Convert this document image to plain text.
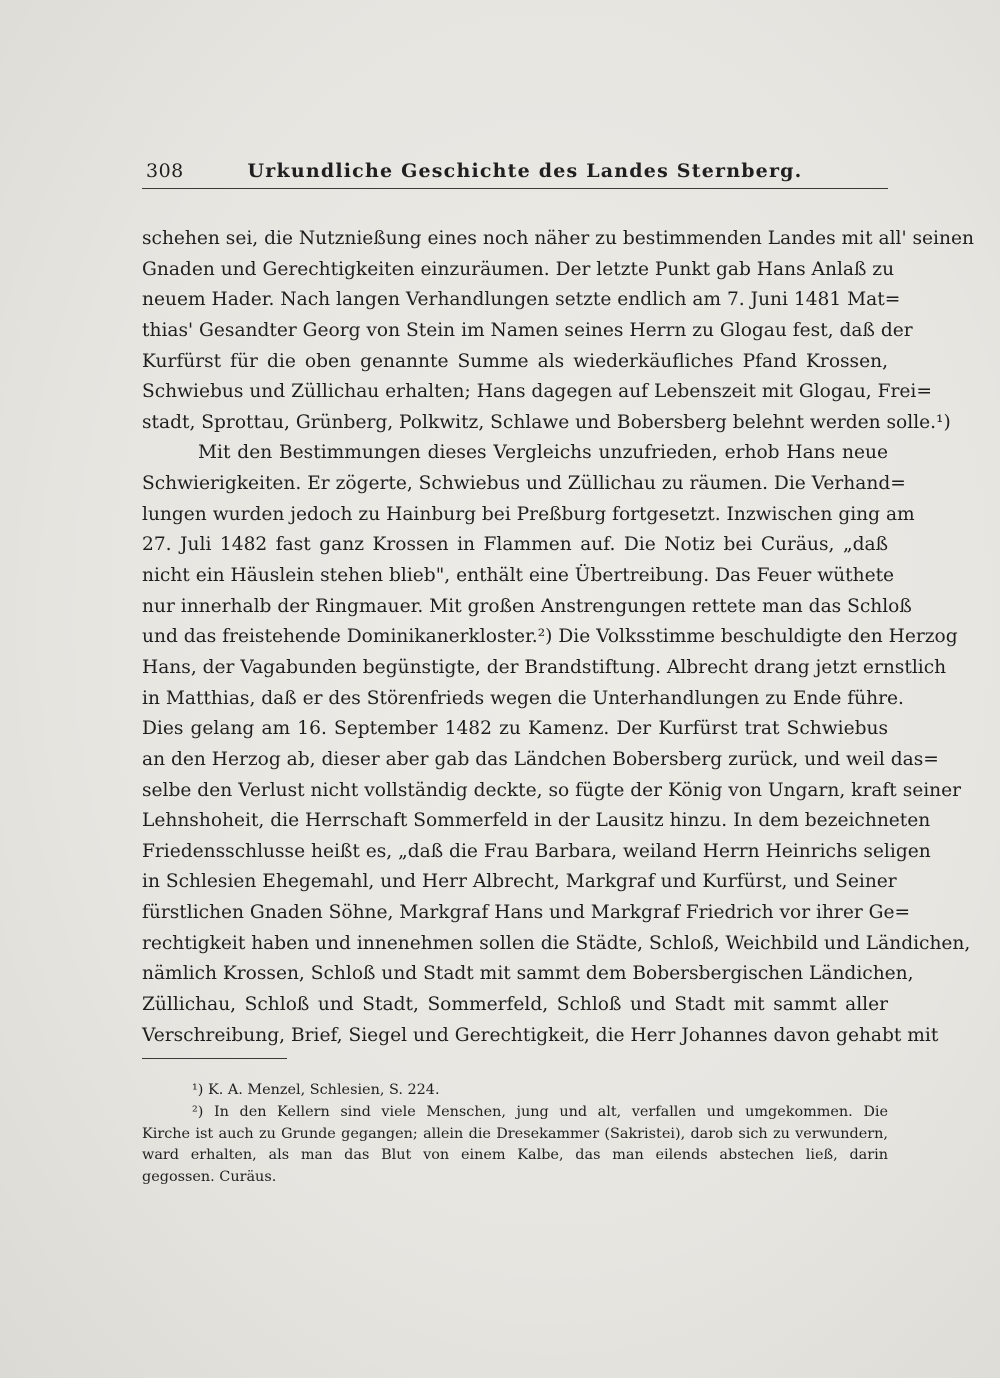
308	Urkundliche Geschichte des Landes Sternberg.
schehen sei, die Nutznießung eines noch näher zu bestimmenden Landes mit all' seinen
Gnaden und Gerechtigkeiten einzuräumen. Der letzte Punkt gab Hans Anlaß zu
neuem Hader. Nach langen Verhandlungen setzte endlich am 7. Juni 1481 Mat=
thias' Gesandter Georg von Stein im Namen seines Herrn zu Glogau fest, daß der
Kurfürst für die oben genannte Summe als wiederkäufliches Pfand Krossen,
Schwiebus und Züllichau erhalten; Hans dagegen auf Lebenszeit mit Glogau, Frei=
stadt, Sprottau, Grünberg, Polkwitz, Schlawe und Bobersberg belehnt werden solle.¹)
Mit den Bestimmungen dieses Vergleichs unzufrieden, erhob Hans neue
Schwierigkeiten. Er zögerte, Schwiebus und Züllichau zu räumen. Die Verhand=
lungen wurden jedoch zu Hainburg bei Preßburg fortgesetzt. Inzwischen ging am
27. Juli 1482 fast ganz Krossen in Flammen auf. Die Notiz bei Curäus, „daß
nicht ein Häuslein stehen blieb", enthält eine Übertreibung. Das Feuer wüthete
nur innerhalb der Ringmauer. Mit großen Anstrengungen rettete man das Schloß
und das freistehende Dominikanerkloster.²) Die Volksstimme beschuldigte den Herzog
Hans, der Vagabunden begünstigte, der Brandstiftung. Albrecht drang jetzt ernstlich
in Matthias, daß er des Störenfrieds wegen die Unterhandlungen zu Ende führe.
Dies gelang am 16. September 1482 zu Kamenz. Der Kurfürst trat Schwiebus
an den Herzog ab, dieser aber gab das Ländchen Bobersberg zurück, und weil das=
selbe den Verlust nicht vollständig deckte, so fügte der König von Ungarn, kraft seiner
Lehnshoheit, die Herrschaft Sommerfeld in der Lausitz hinzu. In dem bezeichneten
Friedensschlusse heißt es, „daß die Frau Barbara, weiland Herrn Heinrichs seligen
in Schlesien Ehegemahl, und Herr Albrecht, Markgraf und Kurfürst, und Seiner
fürstlichen Gnaden Söhne, Markgraf Hans und Markgraf Friedrich vor ihrer Ge=
rechtigkeit haben und innenehmen sollen die Städte, Schloß, Weichbild und Ländichen,
nämlich Krossen, Schloß und Stadt mit sammt dem Bobersbergischen Ländichen,
Züllichau, Schloß und Stadt, Sommerfeld, Schloß und Stadt mit sammt aller
Verschreibung, Brief, Siegel und Gerechtigkeit, die Herr Johannes davon gehabt mit
¹) K. A. Menzel, Schlesien, S. 224.
²) In den Kellern sind viele Menschen, jung und alt, verfallen und umgekommen. Die
Kirche ist auch zu Grunde gegangen; allein die Dresekammer (Sakristei), darob sich zu verwundern,
ward erhalten, als man das Blut von einem Kalbe, das man eilends abstechen ließ, darin
gegossen. Curäus.
